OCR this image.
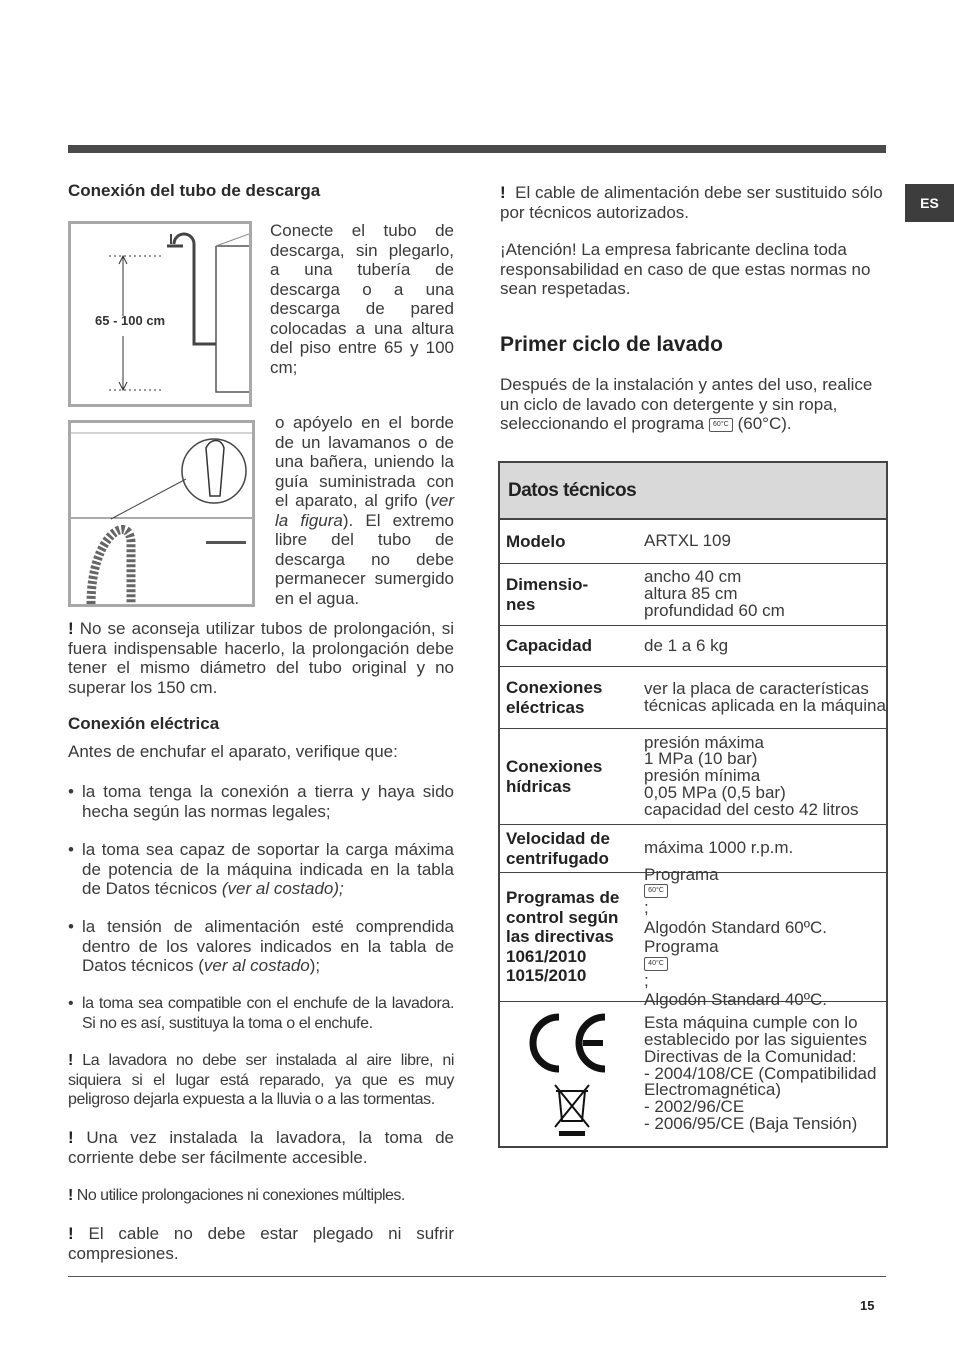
ES
Conexión del tubo de descarga
65 - 100 cm
Conecte el tubo de descarga, sin plegarlo, a una tubería de descarga o a una descarga de pared colocadas a una altura del piso entre 65 y 100 cm;
o apóyelo en el borde de un lavamanos o de una bañera, uniendo la guía suministrada con el aparato, al grifo (ver la figura). El extremo libre del tubo de descarga no debe permanecer sumergido en el agua.
! No se aconseja utilizar tubos de prolongación, si fuera indispensable hacerlo, la prolongación debe tener el mismo diámetro del tubo original y no superar los 150 cm.
Conexión eléctrica
Antes de enchufar el aparato, verifique que:

• la toma tenga la conexión a tierra y haya sido hecha según las normas legales;

• la toma sea capaz de soportar la carga máxima de potencia de la máquina indicada en la tabla de Datos técnicos (ver al costado);

• la tensión de alimentación esté comprendida dentro de los valores indicados en la tabla de Datos técnicos (ver al costado);

• la toma sea compatible con el enchufe de la lavadora. Si no es así, sustituya la toma o el enchufe.

! La lavadora no debe ser instalada al aire libre, ni siquiera si el lugar está reparado, ya que es muy peligroso dejarla expuesta a la lluvia o a las tormentas.
! Una vez instalada la lavadora, la toma de corriente debe ser fácilmente accesible.
! No utilice prolongaciones ni conexiones múltiples.
! El cable no debe estar plegado ni sufrir compresiones.
! El cable de alimentación debe ser sustituido sólo por técnicos autorizados.
¡Atención! La empresa fabricante declina toda responsabilidad en caso de que estas normas no sean respetadas.
Primer ciclo de lavado
Después de la instalación y antes del uso, realice un ciclo de lavado con detergente y sin ropa, seleccionando el programa 60°C (60°C).
Datos técnicos
Modelo	ARTXL 109
Dimensio-
nes
ancho 40 cm
altura 85 cm
profundidad 60 cm
Capacidad	de 1 a 6 kg
Conexiones eléctricas
ver la placa de características técnicas aplicada en la máquina
Conexiones hídricas
presión máxima
1 MPa (10 bar)
presión mínima
0,05 MPa (0,5 bar)
capacidad del cesto 42 litros
Velocidad de centrifugado
máxima 1000 r.p.m.
Programas de control según las directivas 1061/2010 1015/2010
Programa
60°C
;
Algodón Standard 60ºC.
Programa
40°C
;
Algodón Standard 40ºC.
Esta máquina cumple con lo establecido por las siguientes Directivas de la Comunidad:
- 2004/108/CE (Compatibilidad Electromagnética)
- 2002/96/CE
- 2006/95/CE (Baja Tensión)
15
